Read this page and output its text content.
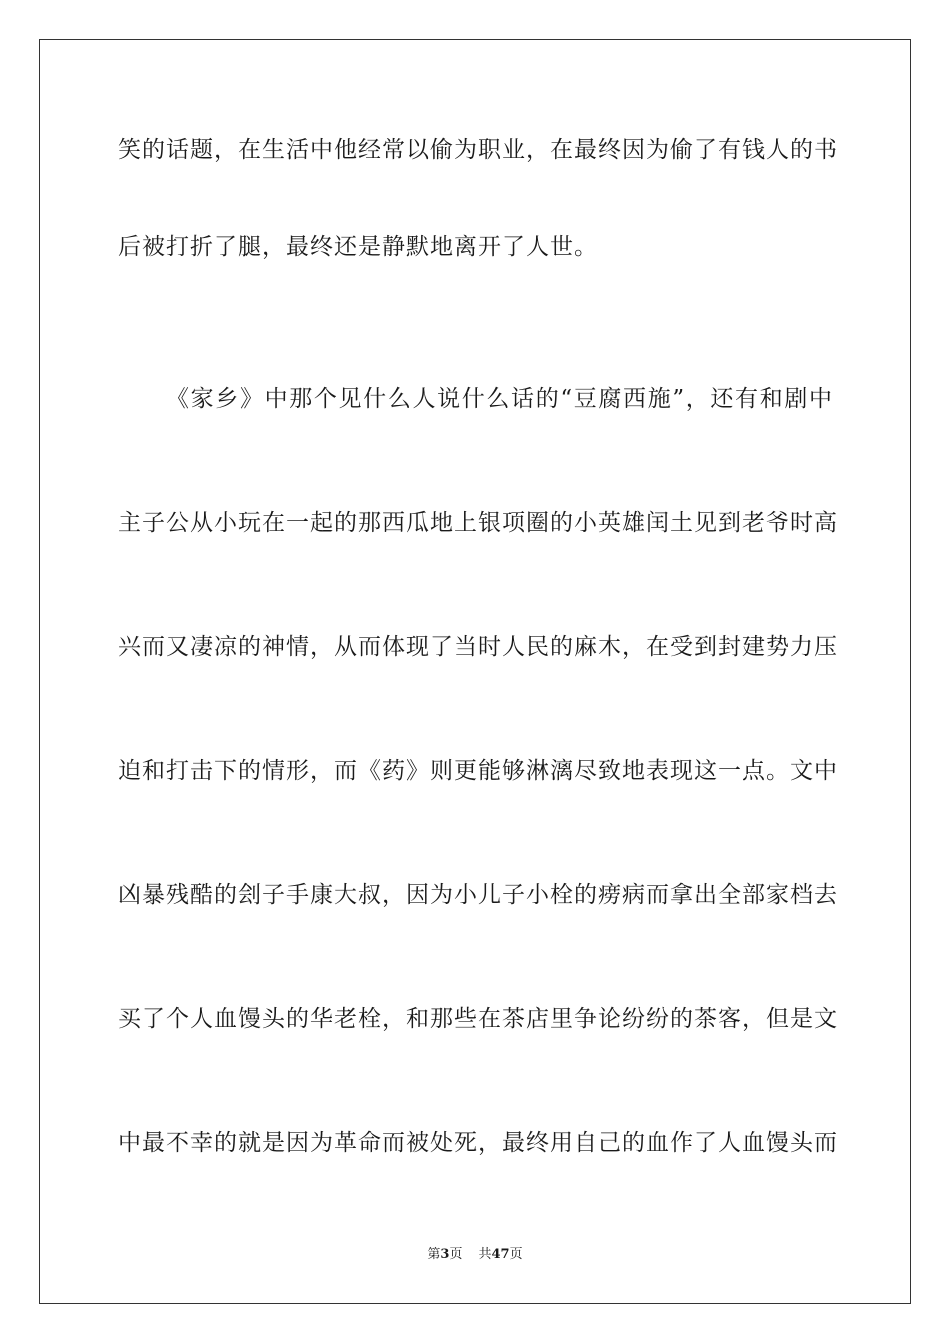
笑的话题，在生活中他经常以偷为职业，在最终因为偷了有钱人的书
后被打折了腿，最终还是静默地离开了人世。
《家乡》中那个见什么人说什么话的“豆腐西施”，还有和剧中
主子公从小玩在一起的那西瓜地上银项圈的小英雄闰土见到老爷时高
兴而又凄凉的神情，从而体现了当时人民的麻木，在受到封建势力压
迫和打击下的情形，而《药》则更能够淋漓尽致地表现这一点。文中
凶暴残酷的刽子手康大叔，因为小儿子小栓的痨病而拿出全部家档去
买了个人血馒头的华老栓，和那些在茶店里争论纷纷的茶客，但是文
中最不幸的就是因为革命而被处死，最终用自己的血作了人血馒头而
第3页 共47页
